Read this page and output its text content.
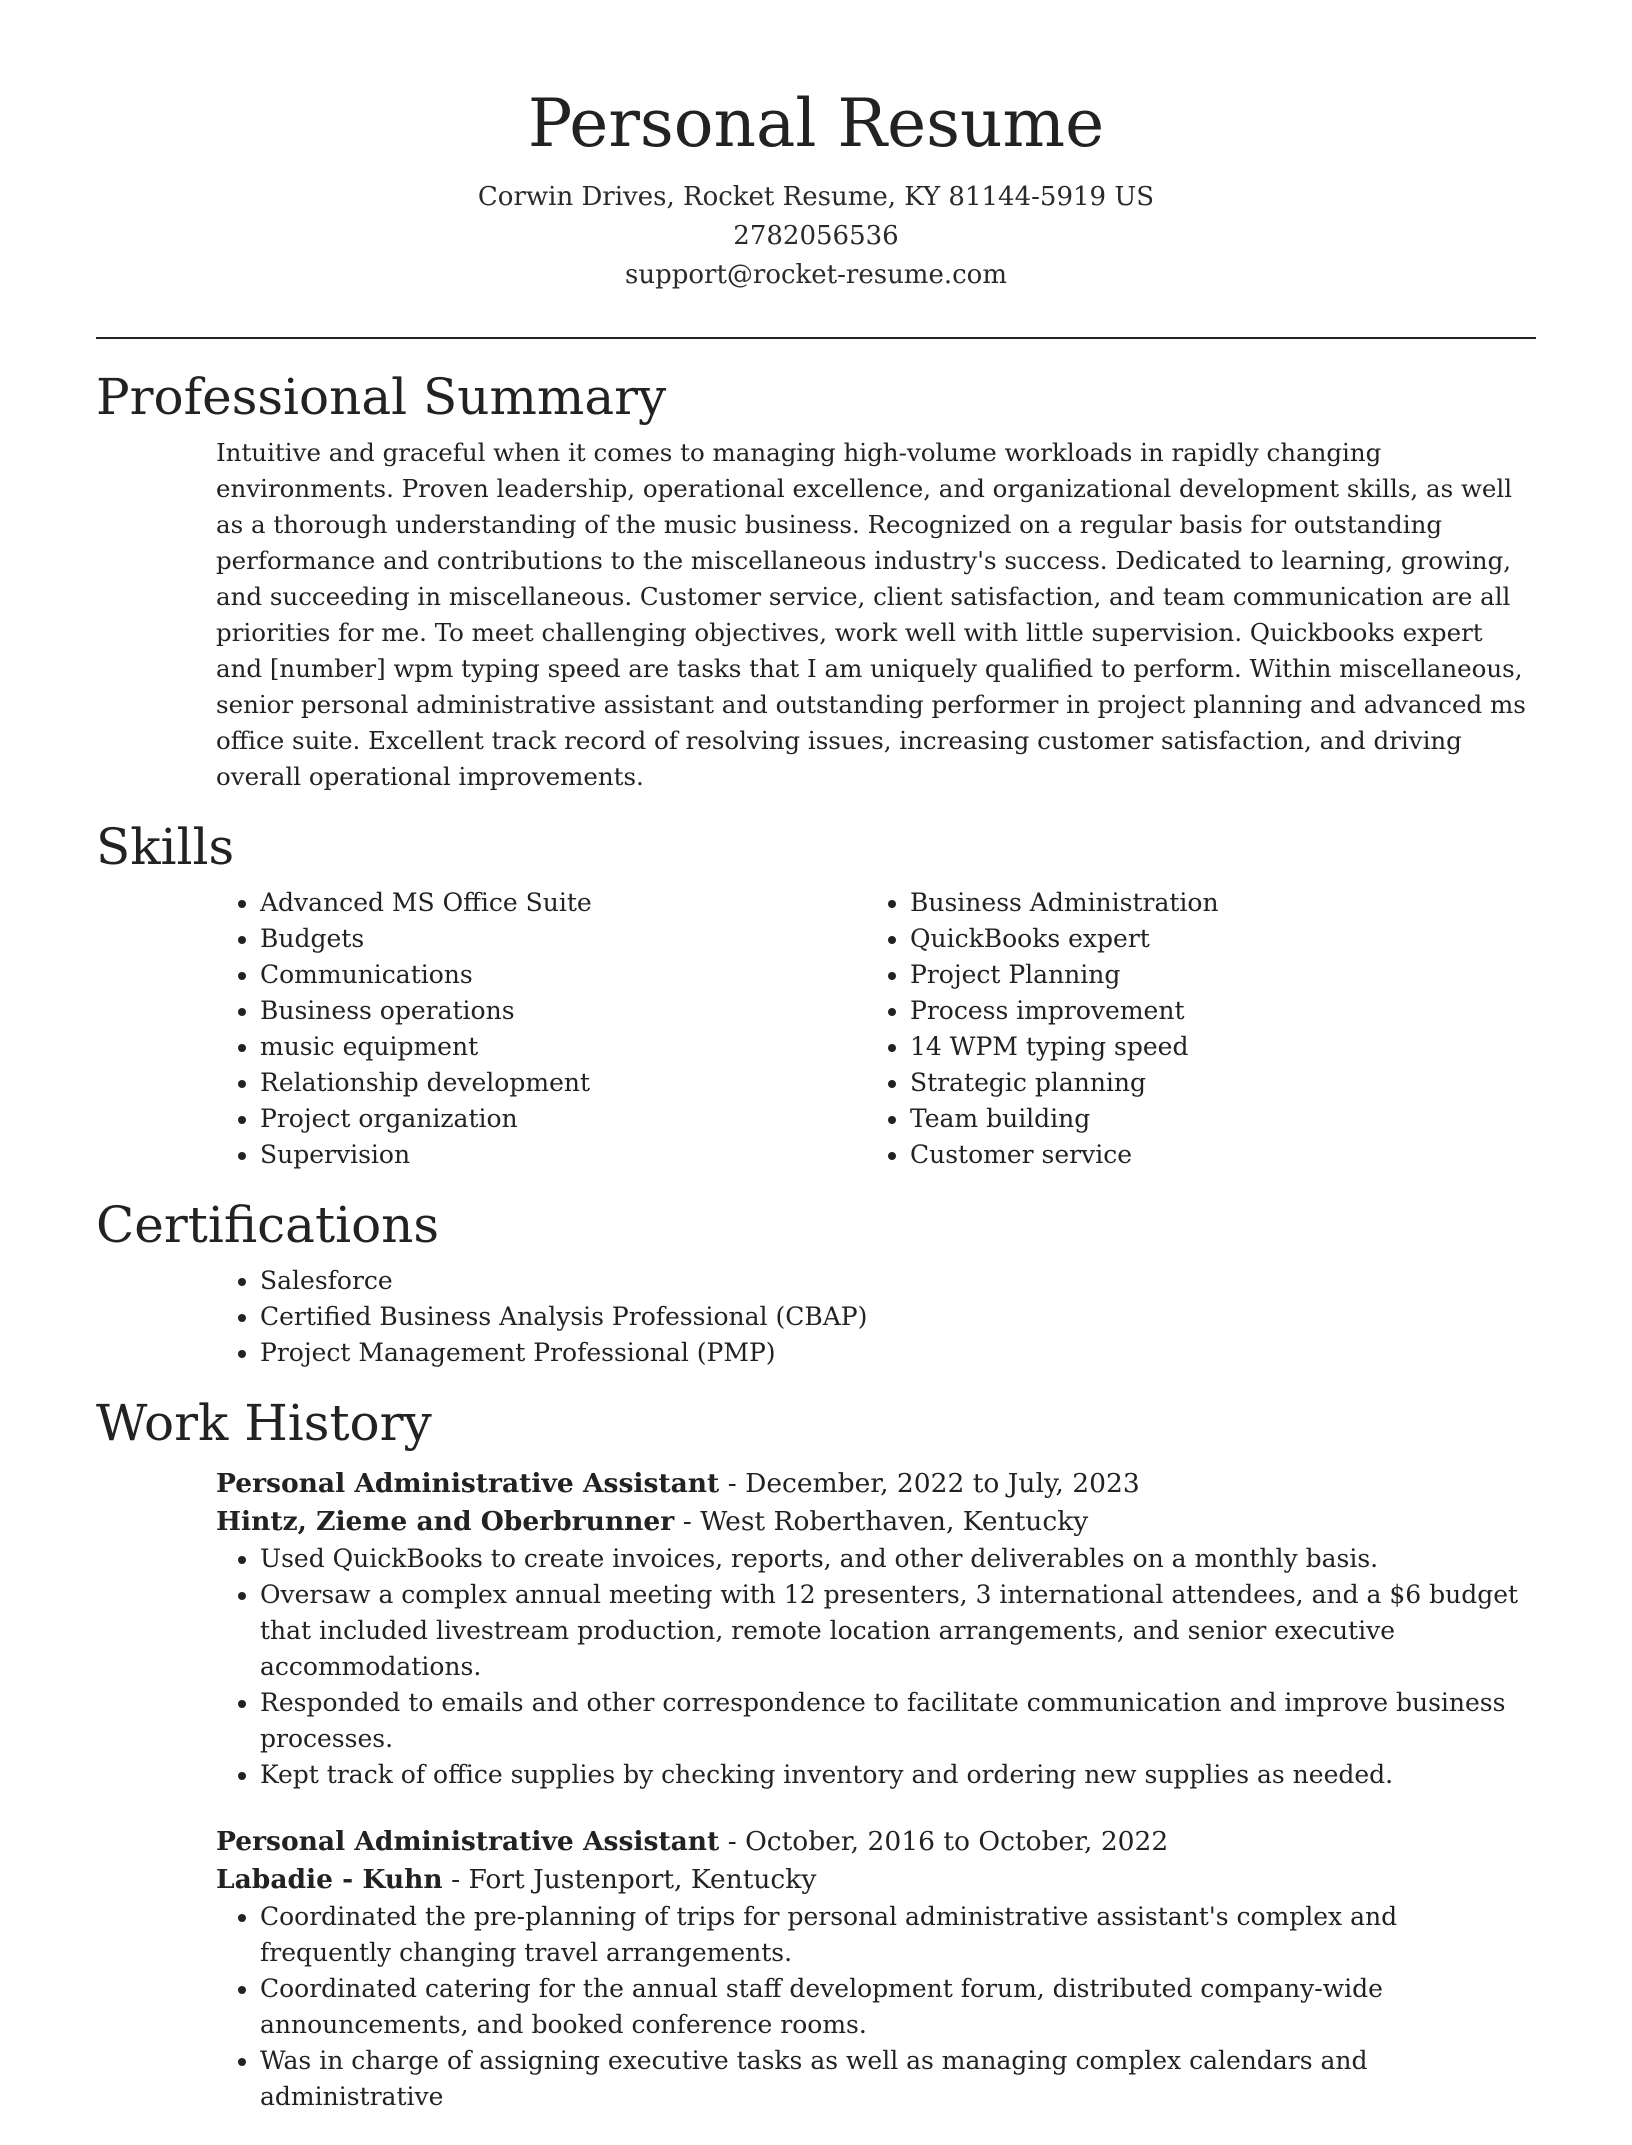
Personal Resume
Corwin Drives, Rocket Resume, KY 81144-5919 US
2782056536
support@rocket-resume.com
Professional Summary

Intuitive and graceful when it comes to managing high-volume workloads in rapidly changing environments. Proven leadership, operational excellence, and organizational development skills, as well as a thorough understanding of the music business. Recognized on a regular basis for outstanding performance and contributions to the miscellaneous industry's success. Dedicated to learning, growing, and succeeding in miscellaneous. Customer service, client satisfaction, and team communication are all priorities for me. To meet challenging objectives, work well with little supervision. Quickbooks expert and [number] wpm typing speed are tasks that I am uniquely qualified to perform. Within miscellaneous, senior personal administrative assistant and outstanding performer in project planning and advanced ms office suite. Excellent track record of resolving issues, increasing customer satisfaction, and driving overall operational improvements.

Skills
• Advanced MS Office Suite
• Budgets
• Communications
• Business operations
• music equipment
• Relationship development
• Project organization
• Supervision
• Business Administration
• QuickBooks expert
• Project Planning
• Process improvement
• 14 WPM typing speed
• Strategic planning
• Team building
• Customer service
Certifications
• Salesforce
• Certified Business Analysis Professional (CBAP)
• Project Management Professional (PMP)
Work History
Personal Administrative Assistant - December, 2022 to July, 2023
Hintz, Zieme and Oberbrunner - West Roberthaven, Kentucky
• Used QuickBooks to create invoices, reports, and other deliverables on a monthly basis.
• Oversaw a complex annual meeting with 12 presenters, 3 international attendees, and a $6 budget that included livestream production, remote location arrangements, and senior executive accommodations.
• Responded to emails and other correspondence to facilitate communication and improve business processes.
• Kept track of office supplies by checking inventory and ordering new supplies as needed.
Personal Administrative Assistant - October, 2016 to October, 2022
Labadie - Kuhn - Fort Justenport, Kentucky
• Coordinated the pre-planning of trips for personal administrative assistant's complex and frequently changing travel arrangements.
• Coordinated catering for the annual staff development forum, distributed company-wide announcements, and booked conference rooms.
• Was in charge of assigning executive tasks as well as managing complex calendars and administrative
